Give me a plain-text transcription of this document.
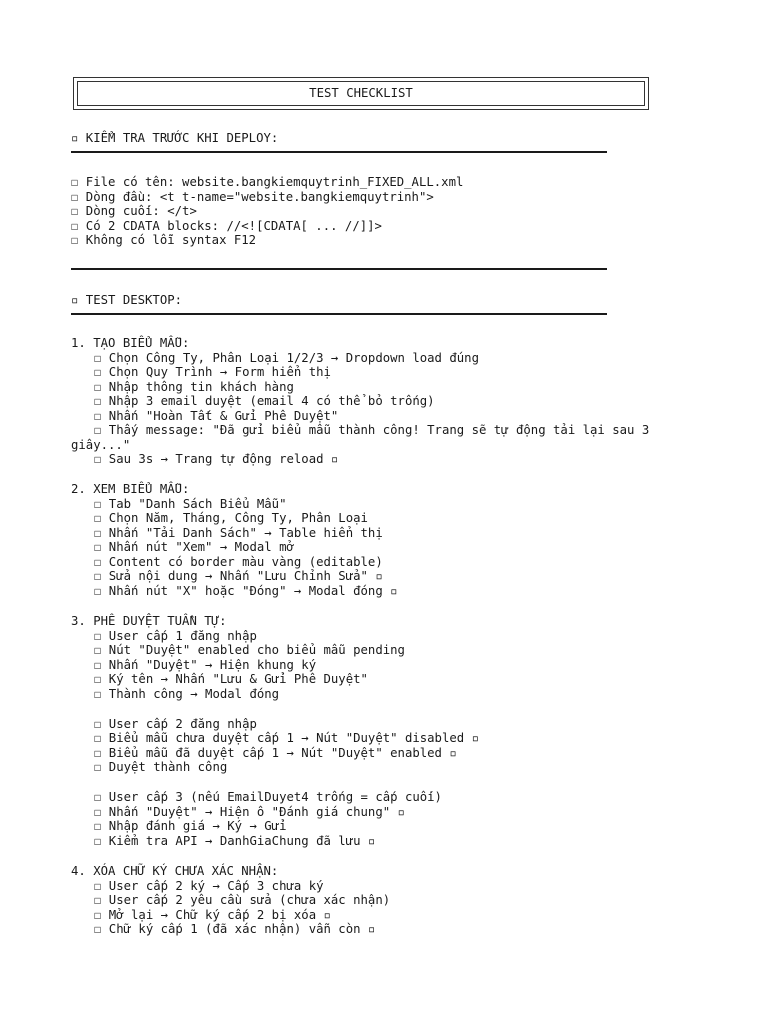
TEST CHECKLIST
▫ KIỂM TRA TRƯỚC KHI DEPLOY:
☐ File có tên: website.bangkiemquytrinh_FIXED_ALL.xml
☐ Dòng đầu: <t t-name="website.bangkiemquytrinh">
☐ Dòng cuối: </t>
☐ Có 2 CDATA blocks: //<![CDATA[ ... //]]>
☐ Không có lỗi syntax F12
▫ TEST DESKTOP:
1. TẠO BIỂU MẪU:
☐ Chọn Công Ty, Phân Loại 1/2/3 → Dropdown load đúng
☐ Chọn Quy Trình → Form hiển thị
☐ Nhập thông tin khách hàng
☐ Nhập 3 email duyệt (email 4 có thể bỏ trống)
☐ Nhấn "Hoàn Tất & Gửi Phê Duyệt"
☐ Thấy message: "Đã gửi biểu mẫu thành công! Trang sẽ tự động tải lại sau 3
giây..."
☐ Sau 3s → Trang tự động reload ▫
2. XEM BIỂU MẪU:
☐ Tab "Danh Sách Biểu Mẫu"
☐ Chọn Năm, Tháng, Công Ty, Phân Loại
☐ Nhấn "Tải Danh Sách" → Table hiển thị
☐ Nhấn nút "Xem" → Modal mở
☐ Content có border màu vàng (editable)
☐ Sửa nội dung → Nhấn "Lưu Chỉnh Sửa" ▫
☐ Nhấn nút "X" hoặc "Đóng" → Modal đóng ▫
3. PHÊ DUYỆT TUẦN TỰ:
☐ User cấp 1 đăng nhập
☐ Nút "Duyệt" enabled cho biểu mẫu pending
☐ Nhấn "Duyệt" → Hiện khung ký
☐ Ký tên → Nhấn "Lưu & Gửi Phê Duyệt"
☐ Thành công → Modal đóng
☐ User cấp 2 đăng nhập
☐ Biểu mẫu chưa duyệt cấp 1 → Nút "Duyệt" disabled ▫
☐ Biểu mẫu đã duyệt cấp 1 → Nút "Duyệt" enabled ▫
☐ Duyệt thành công
☐ User cấp 3 (nếu EmailDuyet4 trống = cấp cuối)
☐ Nhấn "Duyệt" → Hiện ô "Đánh giá chung" ▫
☐ Nhập đánh giá → Ký → Gửi
☐ Kiểm tra API → DanhGiaChung đã lưu ▫
4. XÓA CHỮ KÝ CHƯA XÁC NHẬN:
☐ User cấp 2 ký → Cấp 3 chưa ký
☐ User cấp 2 yêu cầu sửa (chưa xác nhận)
☐ Mở lại → Chữ ký cấp 2 bị xóa ▫
☐ Chữ ký cấp 1 (đã xác nhận) vẫn còn ▫
